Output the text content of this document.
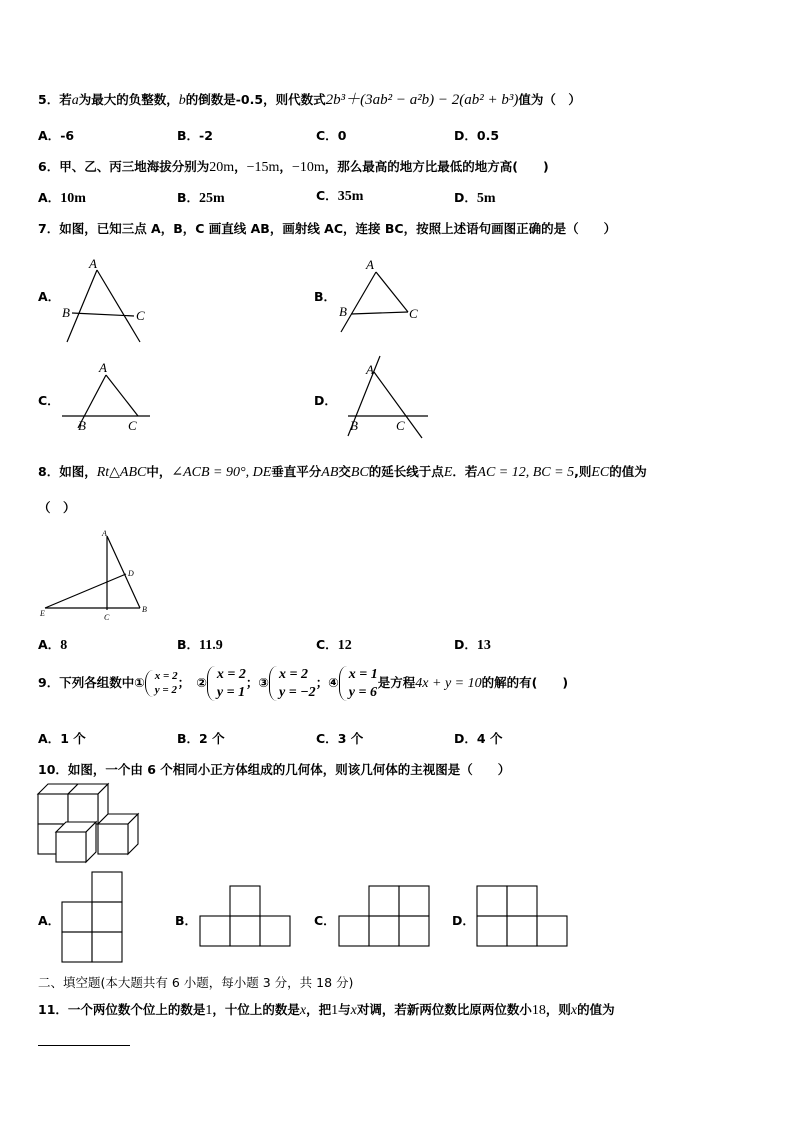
5．若a为最大的负整数，b的倒数是-0.5，则代数式2b³＋(3ab² − a²b) − 2(ab² + b³)值为（　）
A．-6	B．-2	C．0	D．0.5
6．甲、乙、丙三地海拔分别为20m，−15m，−10m，那么最高的地方比最低的地方高(　　)
A．10m	B．25m	C．35m	D．5m
7．如图，已知三点 A，B，C 画直线 AB，画射线 AC，连接 BC，按照上述语句画图正确的是（　　）
A．
A
B	C
B．
A
B	C
C．
A
B	C
D．
A
B	C
8．如图，Rt△ABC中，∠ACB = 90°, DE垂直平分AB交BC的延长线于点E．若AC = 12, BC = 5,则EC的值为
（　）
A
B
C
D
E
A．8	B．11.9	C．12	D．13
9．下列各组数中① x = 2
y = 2 ；　②
x = 2
y = 1
；③
x = 2
y = −2
；④
x = 1
y = 6
是方程4x + y = 10的解的有(　　)
A．1 个	B．2 个	C．3 个	D．4 个
10．如图，一个由 6 个相同小正方体组成的几何体，则该几何体的主视图是（　　）
A．	B．	C．	D．
二、填空题(本大题共有 6 小题，每小题 3 分，共 18 分)
11．一个两位数个位上的数是1，十位上的数是x，把1与x对调，若新两位数比原两位数小18，则x的值为
